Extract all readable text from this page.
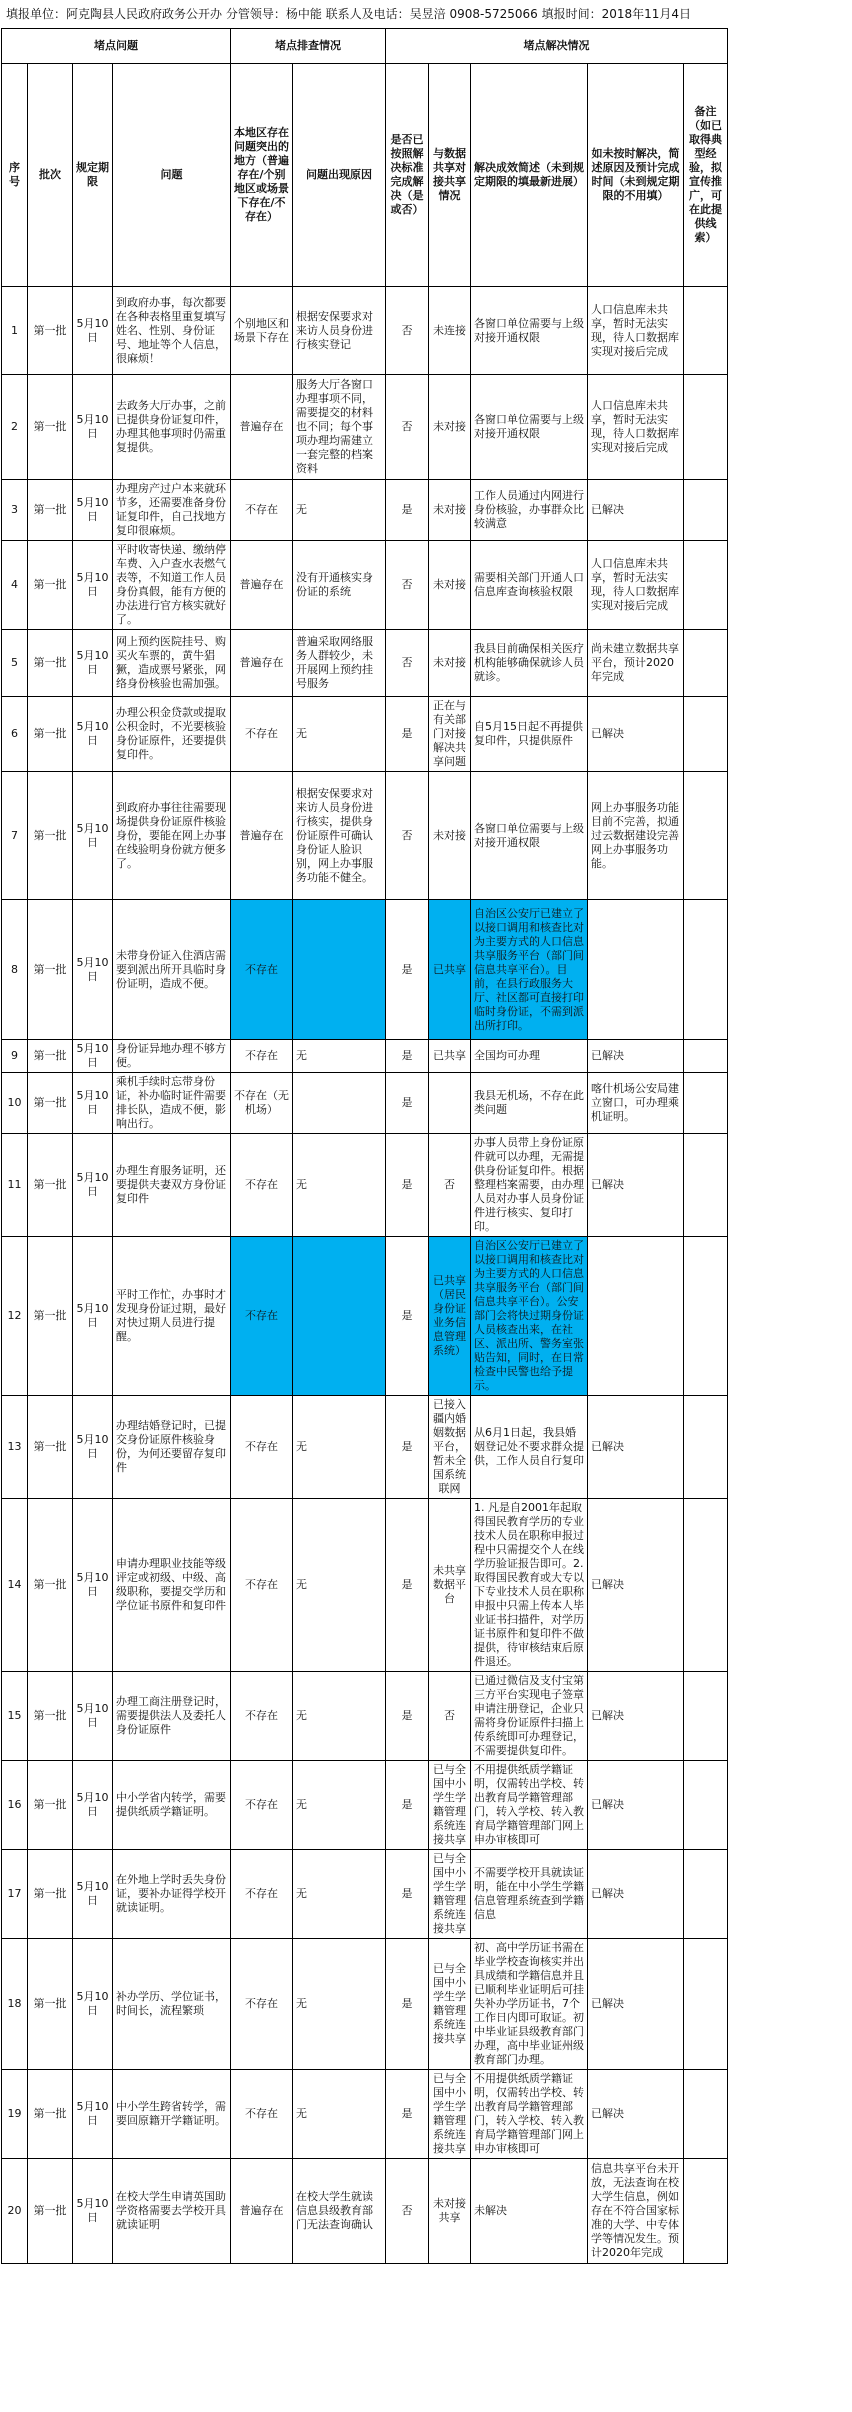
填报单位：阿克陶县人民政府政务公开办 分管领导：杨中能 联系人及电话：吴昱涪 0908-5725066 填报时间：2018年11月4日
堵点问题				堵点排查情况		堵点解决情况					
序号	批次	规定期限	问题	本地区存在问题突出的地方（普遍存在/个别地区或场景下存在/不存在）	问题出现原因	是否已按照解决标准完成解决（是或否）	与数据共享对接共享情况	解决成效简述（未到规定期限的填最新进展）	如未按时解决，简述原因及预计完成时间（未到规定期限的不用填）	备注（如已取得典型经验，拟宣传推广，可在此提供线索）	
1	第一批	5月10日	到政府办事，每次都要在各种表格里重复填写姓名、性别、身份证号、地址等个人信息，很麻烦！	个别地区和场景下存在	根据安保要求对来访人员身份进行核实登记	否	未连接	各窗口单位需要与上级对接开通权限	人口信息库未共享，暂时无法实现，待人口数据库实现对接后完成		
2	第一批	5月10日	去政务大厅办事，之前已提供身份证复印件，办理其他事项时仍需重复提供。	普遍存在	服务大厅各窗口办理事项不同，需要提交的材料也不同；每个事项办理均需建立一套完整的档案资料	否	未对接	各窗口单位需要与上级对接开通权限	人口信息库未共享，暂时无法实现，待人口数据库实现对接后完成		
3	第一批	5月10日	办理房产过户本来就环节多，还需要准备身份证复印件，自己找地方复印很麻烦。	不存在	无	是	未对接	工作人员通过内网进行身份核验，办事群众比较满意	已解决		
4	第一批	5月10日	平时收寄快递、缴纳停车费、入户查水表燃气表等，不知道工作人员身份真假，能有方便的办法进行官方核实就好了。	普遍存在	没有开通核实身份证的系统	否	未对接	需要相关部门开通人口信息库查询核验权限	人口信息库未共享，暂时无法实现，待人口数据库实现对接后完成		
5	第一批	5月10日	网上预约医院挂号、购买火车票的，黄牛猖獗，造成票号紧张，网络身份核验也需加强。	普遍存在	普遍采取网络服务人群较少，未开展网上预约挂号服务	否	未对接	我县目前确保相关医疗机构能够确保就诊人员就诊。	尚未建立数据共享平台，预计2020年完成		
6	第一批	5月10日	办理公积金贷款或提取公积金时，不光要核验身份证原件，还要提供复印件。	不存在	无	是	正在与有关部门对接解决共享问题	自5月15日起不再提供复印件，只提供原件	已解决		
7	第一批	5月10日	到政府办事往往需要现场提供身份证原件核验身份，要能在网上办事在线验明身份就方便多了。	普遍存在	根据安保要求对来访人员身份进行核实，提供身份证原件可确认身份证人脸识别，网上办事服务功能不健全。	否	未对接	各窗口单位需要与上级对接开通权限	网上办事服务功能目前不完善，拟通过云数据建设完善网上办事服务功能。		
8	第一批	5月10日	未带身份证入住酒店需要到派出所开具临时身份证明，造成不便。	不存在		是	已共享	自治区公安厅已建立了以接口调用和核查比对为主要方式的人口信息共享服务平台（部门间信息共享平台）。目前，在县行政服务大厅、社区都可直接打印临时身份证，不需到派出所打印。			
9	第一批	5月10日	身份证异地办理不够方便。	不存在	无	是	已共享	全国均可办理	已解决		
10	第一批	5月10日	乘机手续时忘带身份证，补办临时证件需要排长队，造成不便，影响出行。	不存在（无机场）		是		我县无机场，不存在此类问题	喀什机场公安局建立窗口，可办理乘机证明。		
11	第一批	5月10日	办理生育服务证明，还要提供夫妻双方身份证复印件	不存在	无	是	否	办事人员带上身份证原件就可以办理，无需提供身份证复印件。根据整理档案需要，由办理人员对办事人员身份证件进行核实、复印打印。	已解决		
12	第一批	5月10日	平时工作忙，办事时才发现身份证过期，最好对快过期人员进行提醒。	不存在		是	已共享（居民身份证业务信息管理系统）	自治区公安厅已建立了以接口调用和核查比对为主要方式的人口信息共享服务平台（部门间信息共享平台）。公安部门会将快过期身份证人员核查出来，在社区、派出所、警务室张贴告知，同时，在日常检查中民警也给予提示。			
13	第一批	5月10日	办理结婚登记时，已提交身份证原件核验身份，为何还要留存复印件	不存在	无	是	已接入疆内婚姻数据平台，暂未全国系统联网	从6月1日起，我县婚姻登记处不要求群众提供，工作人员自行复印	已解决		
14	第一批	5月10日	申请办理职业技能等级评定或初级、中级、高级职称，要提交学历和学位证书原件和复印件	不存在	无	是	未共享数据平台	1. 凡是自2001年起取得国民教育学历的专业技术人员在职称申报过程中只需提交个人在线学历验证报告即可。2. 取得国民教育或大专以下专业技术人员在职称申报中只需上传本人毕业证书扫描件，对学历证书原件和复印件不做提供，待审核结束后原件退还。	已解决		
15	第一批	5月10日	办理工商注册登记时，需要提供法人及委托人身份证原件	不存在	无	是	否	已通过微信及支付宝第三方平台实现电子签章申请注册登记，企业只需将身份证原件扫描上传系统即可办理登记，不需要提供复印件。	已解决		
16	第一批	5月10日	中小学省内转学，需要提供纸质学籍证明。	不存在	无	是	已与全国中小学生学籍管理系统连接共享	不用提供纸质学籍证明，仅需转出学校、转出教育局学籍管理部门，转入学校、转入教育局学籍管理部门网上申办审核即可	已解决		
17	第一批	5月10日	在外地上学时丢失身份证，要补办证得学校开就读证明。	不存在	无	是	已与全国中小学生学籍管理系统连接共享	不需要学校开具就读证明，能在中小学生学籍信息管理系统查到学籍信息	已解决		
18	第一批	5月10日	补办学历、学位证书，时间长，流程繁琐	不存在	无	是	已与全国中小学生学籍管理系统连接共享	初、高中学历证书需在毕业学校查询核实并出具成绩和学籍信息并且已顺利毕业证明后可挂失补办学历证书，7个工作日内即可取证。初中毕业证县级教育部门办理，高中毕业证州级教育部门办理。	已解决		
19	第一批	5月10日	中小学生跨省转学，需要回原籍开学籍证明。	不存在	无	是	已与全国中小学生学籍管理系统连接共享	不用提供纸质学籍证明，仅需转出学校、转出教育局学籍管理部门，转入学校、转入教育局学籍管理部门网上申办审核即可	已解决		
20	第一批	5月10日	在校大学生申请英国助学资格需要去学校开具就读证明	普遍存在	在校大学生就读信息县级教育部门无法查询确认	否	未对接共享	未解决	信息共享平台未开放，无法查询在校大学生信息，例如存在不符合国家标准的大学、中专体学等情况发生。预计2020年完成		
